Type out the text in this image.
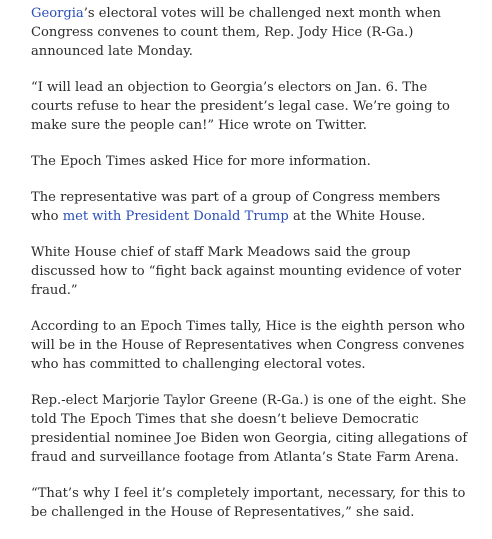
Georgia’s electoral votes will be challenged next month when Congress convenes to count them, Rep. Jody Hice (R-Ga.) announced late Monday.

“I will lead an objection to Georgia’s electors on Jan. 6. The courts refuse to hear the president’s legal case. We’re going to make sure the people can!” Hice wrote on Twitter.

The Epoch Times asked Hice for more information.

The representative was part of a group of Congress members who met with President Donald Trump at the White House.

White House chief of staff Mark Meadows said the group discussed how to “fight back against mounting evidence of voter fraud.”

According to an Epoch Times tally, Hice is the eighth person who will be in the House of Representatives when Congress convenes who has committed to challenging electoral votes.

Rep.-elect Marjorie Taylor Greene (R-Ga.) is one of the eight. She told The Epoch Times that she doesn’t believe Democratic presidential nominee Joe Biden won Georgia, citing allegations of fraud and surveillance footage from Atlanta’s State Farm Arena.

“That’s why I feel it’s completely important, necessary, for this to be challenged in the House of Representatives,” she said.
